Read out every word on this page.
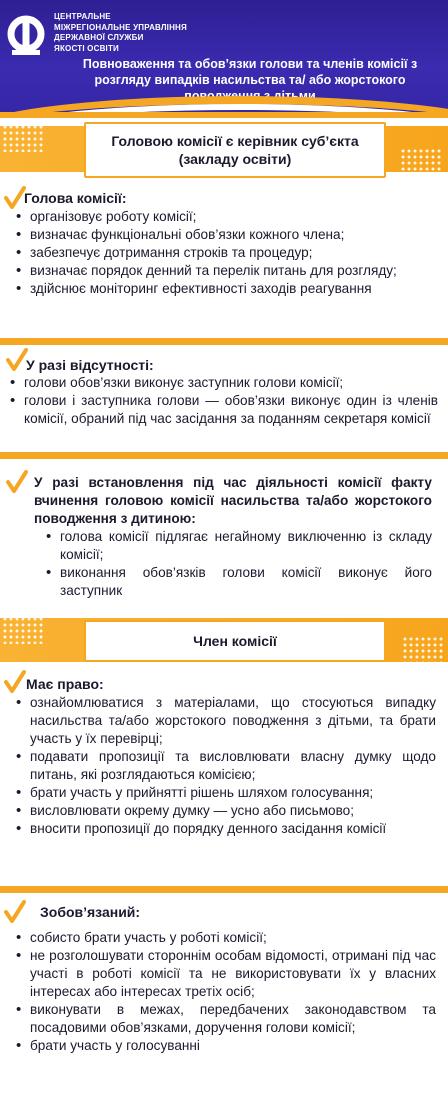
ЦЕНТРАЛЬНЕ
МІЖРЕГІОНАЛЬНЕ УПРАВЛІННЯ
ДЕРЖАВНОЇ СЛУЖБИ
ЯКОСТІ ОСВІТИ
Повноваження та обов’язки голови та членів комісії з розгляду випадків насильства та/ або жорстокого поводження з дітьми
Головою комісії є керівник суб’єкта (закладу освіти)
Голова комісії:
• організовує роботу комісії;
• визначає функціональні обов’язки кожного члена;
• забезпечує дотримання строків та процедур;
• визначає порядок денний та перелік питань для розгляду;
• здійснює моніторинг ефективності заходів реагування
У разі відсутності:
• голови обов’язки виконує заступник голови комісії;
• голови і заступника голови — обов’язки виконує один із членів комісії, обраний під час засідання за поданням секретаря комісії
У разі встановлення під час діяльності комісії факту вчинення головою комісії насильства та/або жорстокого поводження з дитиною:
• голова комісії підлягає негайному виключенню із складу комісії;
• виконання обов’язків голови комісії виконує його заступник
Член комісії
Має право:
• ознайомлюватися з матеріалами, що стосуються випадку насильства та/або жорстокого поводження з дітьми, та брати участь у їх перевірці;
• подавати пропозиції та висловлювати власну думку щодо питань, які розглядаються комісією;
• брати участь у прийнятті рішень шляхом голосування;
• висловлювати окрему думку — усно або письмово;
• вносити пропозиції до порядку денного засідання комісії
Зобов’язаний:
• собисто брати участь у роботі комісії;
• не розголошувати стороннім особам відомості, отримані під час участі в роботі комісії та не використовувати їх у власних інтересах або інтересах третіх осіб;
• виконувати в межах, передбачених законодавством та посадовими обов’язками, доручення голови комісії;
• брати участь у голосуванні
